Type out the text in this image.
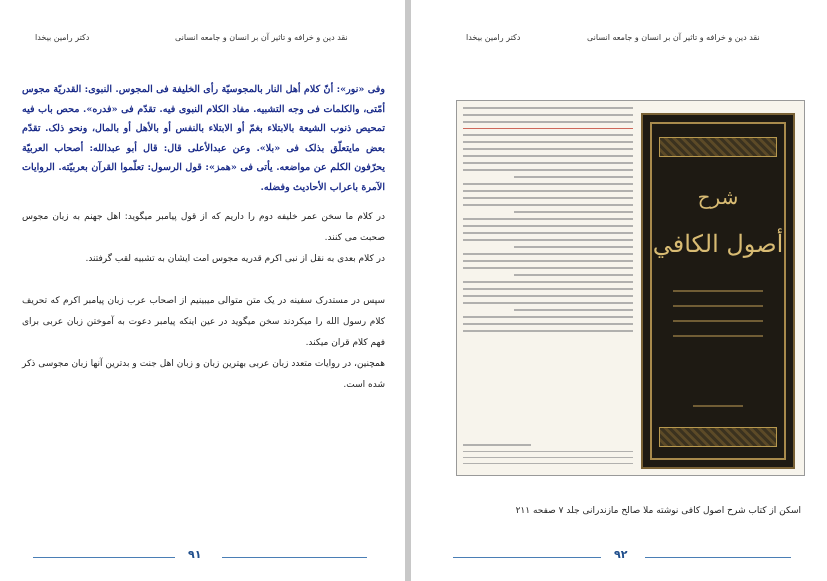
دکتر رامین بیخدا	نقد دین و خرافه و تاثیر آن بر انسان و جامعه انسانی
وفی «نور»: أنّ کلام أهل النار بالمجوسیّة رأی الخلیفة فی المجوس. النبوی: القدریّة مجوس أمّتی، والکلمات فی وجه التشبیه. مفاد الکلام النبوی فیه. تقدّم فی «فدره». محص باب فیه تمحیص ذنوب الشیعة بالابتلاء بغمّ أو الابتلاء بالنفس أو بالأهل أو بالمال، ونحو ذلک. تقدّم بعض مایتعلّق بذلک فی «بلا». وعن عبدالأعلی قال: قال أبو عبدالله: أصحاب العربیّة یحرّفون الکلم عن مواضعه. یأتی فی «همز»: قول الرسول: تعلّموا القرآن بعربیّته. الروایات الآمرة باعراب الأحادیث وفضله.

در کلام ما سخن عمر خلیفه دوم را داریم که از قول پیامبر میگوید: اهل جهنم به زبان مجوس صحبت می کنند.

در کلام بعدی به نقل از نبی اکرم قدریه مجوس امت ایشان به تشبیه لقب گرفتند.

سپس در مستدرک سفینه در یک متن متوالی میبینیم از اصحاب عرب زبان پیامبر اکرم که تحریف کلام رسول الله را میکردند سخن میگوید در عین اینکه پیامبر دعوت به آموختن زبان عربی برای فهم کلام قران میکند.

همچنین، در روایات متعدد زبان عربی بهترین زبان و زبان اهل جنت و بدترین آنها زبان مجوسی ذکر شده است.

۹۱
دکتر رامین بیخدا	نقد دین و خرافه و تاثیر آن بر انسان و جامعه انسانی
شرح
أصول الكافي
اسکن از کتاب شرح اصول کافی نوشته ملا صالح مازندرانی جلد ۷ صفحه ۲۱۱
۹۲
